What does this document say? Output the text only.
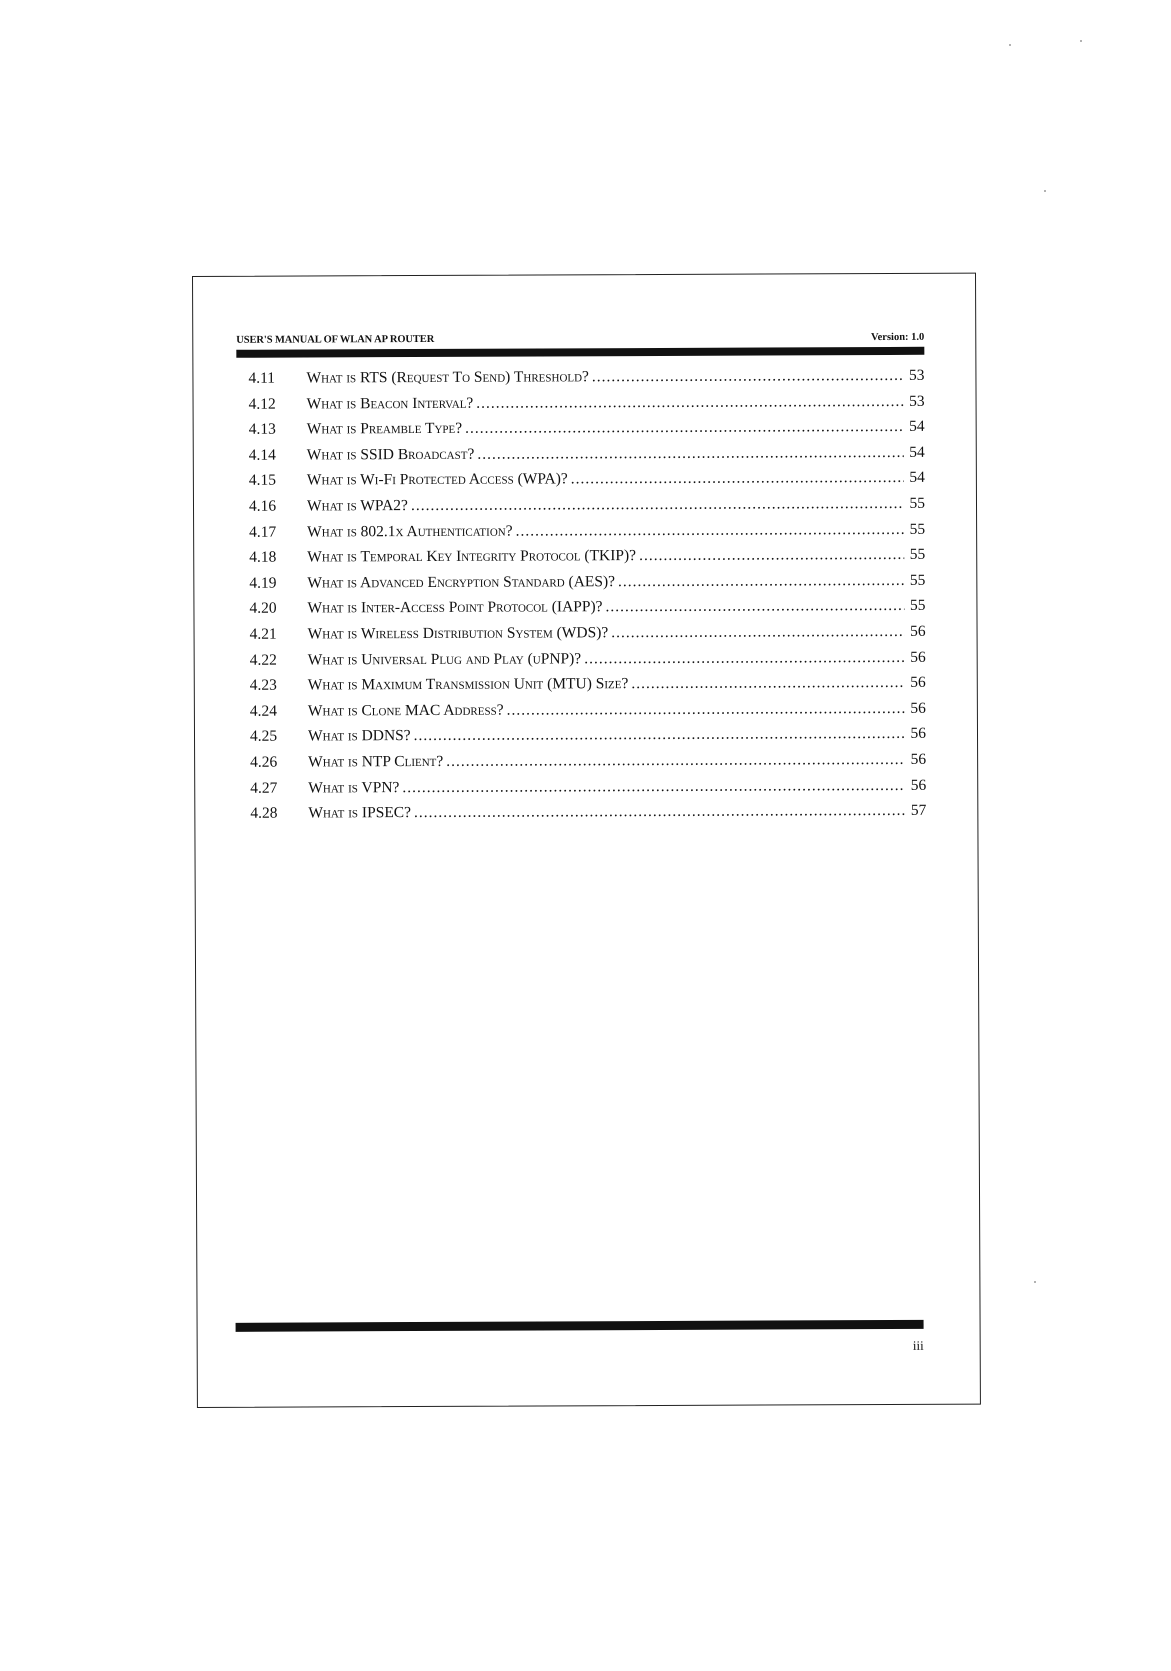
USER'S MANUAL OF WLAN AP ROUTER	Version: 1.0
4.11	What is RTS (Request To Send) Threshold? .....	53
4.12	What is Beacon Interval? .....	53
4.13	What is Preamble Type? .....	54
4.14	What is SSID Broadcast? .....	54
4.15	What is Wi-Fi Protected Access (WPA)? .....	54
4.16	What is WPA2? .....	55
4.17	What is 802.1x Authentication? .....	55
4.18	What is Temporal Key Integrity Protocol (TKIP)? .....	55
4.19	What is Advanced Encryption Standard (AES)? .....	55
4.20	What is Inter-Access Point Protocol (IAPP)? .....	55
4.21	What is Wireless Distribution System (WDS)? .....	56
4.22	What is Universal Plug and Play (uPNP)? .....	56
4.23	What is Maximum Transmission Unit (MTU) Size? .....	56
4.24	What is Clone MAC Address? .....	56
4.25	What is DDNS? .....	56
4.26	What is NTP Client? .....	56
4.27	What is VPN? .....	56
4.28	What is IPSEC? .....	57
iii
